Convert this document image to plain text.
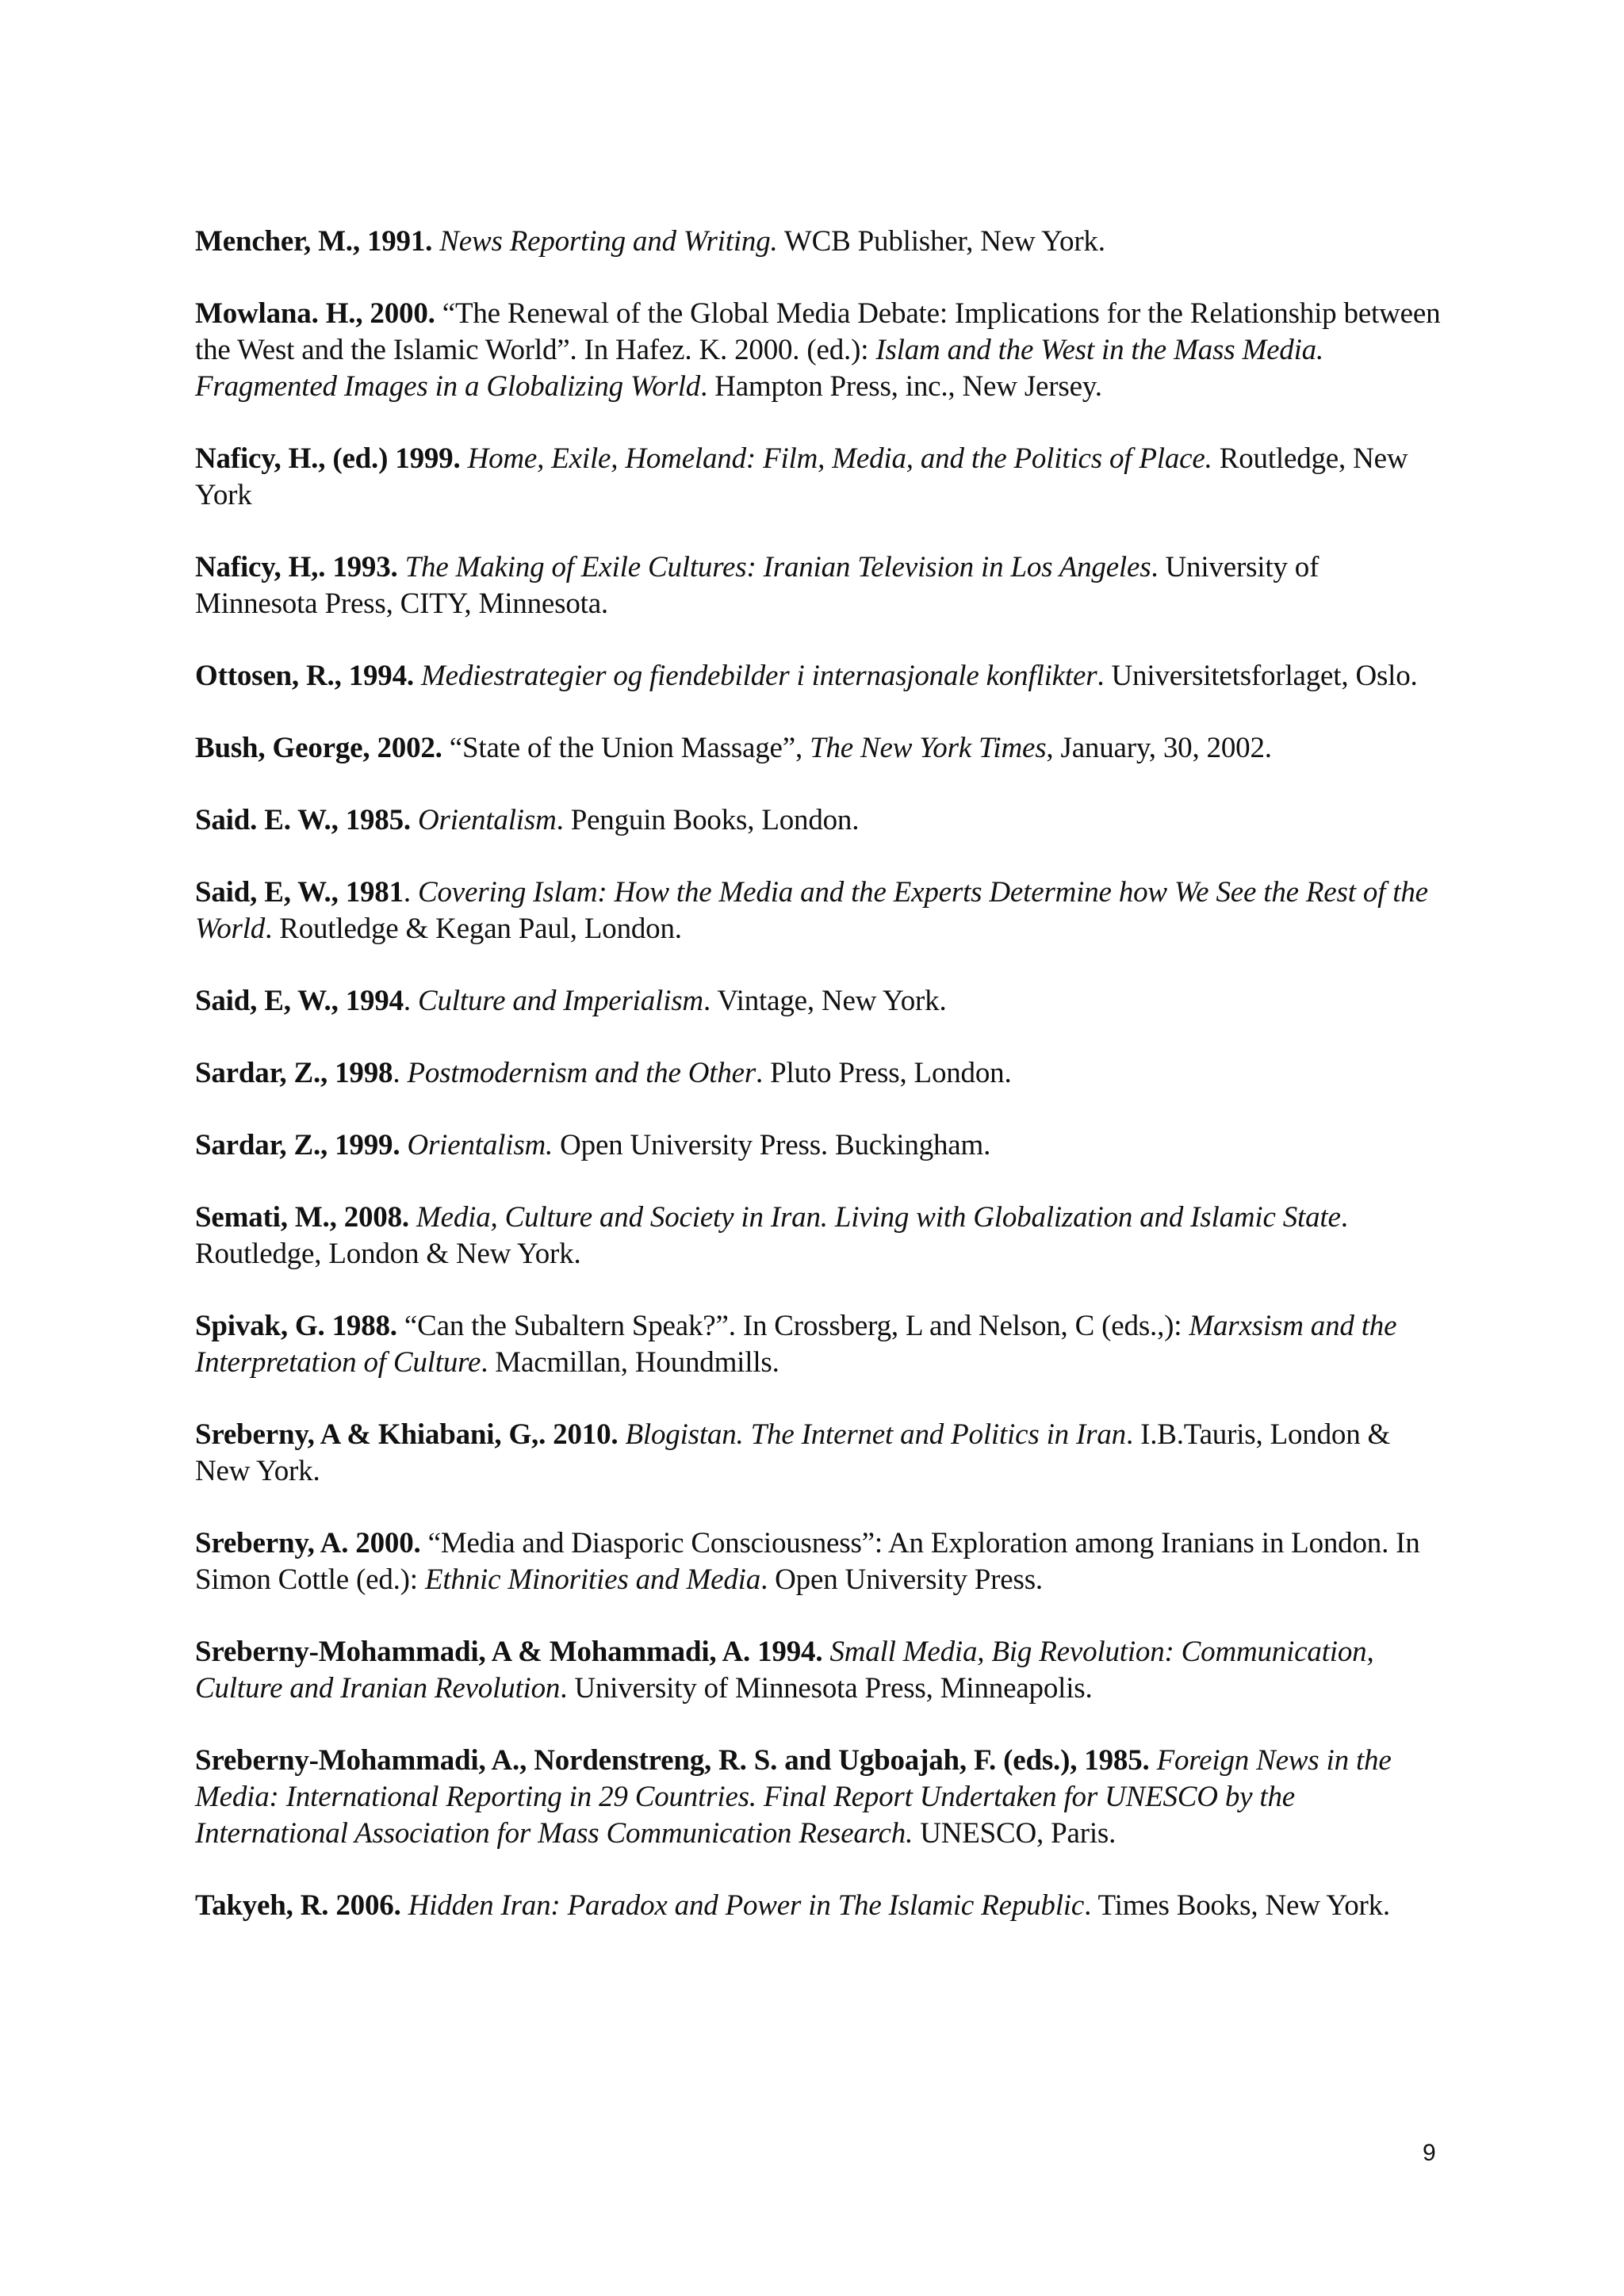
Mencher, M., 1991. News Reporting and Writing. WCB Publisher, New York.

Mowlana. H., 2000. “The Renewal of the Global Media Debate: Implications for the Relationship between the West and the Islamic World”. In Hafez. K. 2000. (ed.): Islam and the West in the Mass Media. Fragmented Images in a Globalizing World. Hampton Press, inc., New Jersey.

Naficy, H., (ed.) 1999. Home, Exile, Homeland: Film, Media, and the Politics of Place. Routledge, New York

Naficy, H,. 1993. The Making of Exile Cultures: Iranian Television in Los Angeles. University of Minnesota Press, CITY, Minnesota.

Ottosen, R., 1994. Mediestrategier og fiendebilder i internasjonale konflikter. Universitetsforlaget, Oslo.

Bush, George, 2002. “State of the Union Massage”, The New York Times, January, 30, 2002.

Said. E. W., 1985. Orientalism. Penguin Books, London.

Said, E, W., 1981. Covering Islam: How the Media and the Experts Determine how We See the Rest of the World. Routledge & Kegan Paul, London.

Said, E, W., 1994. Culture and Imperialism. Vintage, New York.

Sardar, Z., 1998. Postmodernism and the Other. Pluto Press, London.

Sardar, Z., 1999. Orientalism. Open University Press. Buckingham.

Semati, M., 2008. Media, Culture and Society in Iran. Living with Globalization and Islamic State. Routledge, London & New York.

Spivak, G. 1988. “Can the Subaltern Speak?”. In Crossberg, L and Nelson, C (eds.,): Marxsism and the Interpretation of Culture. Macmillan, Houndmills.

Sreberny, A & Khiabani, G,. 2010. Blogistan. The Internet and Politics in Iran. I.B.Tauris, London & New York.

Sreberny, A. 2000. “Media and Diasporic Consciousness”: An Exploration among Iranians in London. In Simon Cottle (ed.): Ethnic Minorities and Media. Open University Press.

Sreberny-Mohammadi, A & Mohammadi, A. 1994. Small Media, Big Revolution: Communication, Culture and Iranian Revolution. University of Minnesota Press, Minneapolis.

Sreberny-Mohammadi, A., Nordenstreng, R. S. and Ugboajah, F. (eds.), 1985. Foreign News in the Media: International Reporting in 29 Countries. Final Report Undertaken for UNESCO by the International Association for Mass Communication Research. UNESCO, Paris.

Takyeh, R. 2006. Hidden Iran: Paradox and Power in The Islamic Republic. Times Books, New York.

9
